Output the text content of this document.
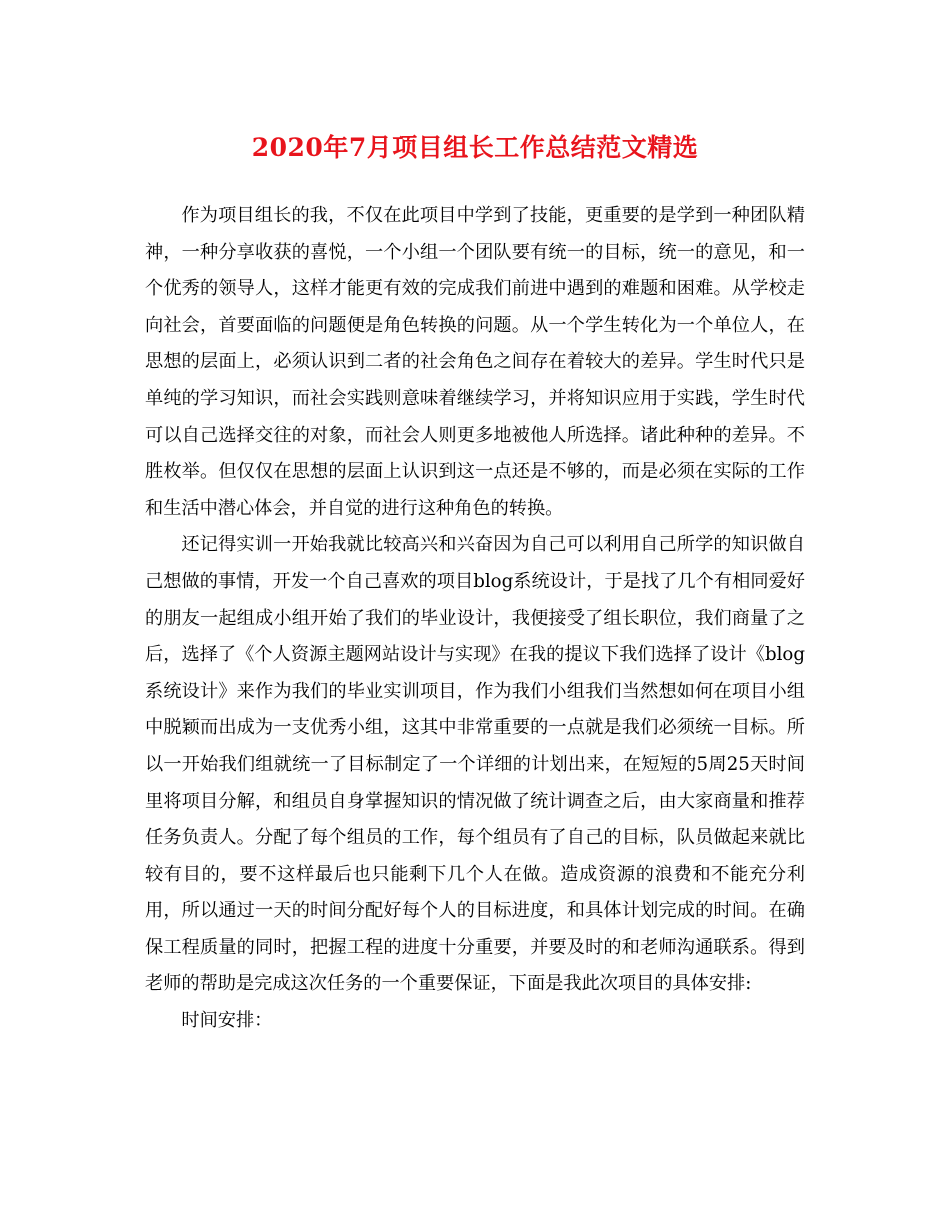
2020年7月项目组长工作总结范文精选

作为项目组长的我，不仅在此项目中学到了技能，更重要的是学到一种团队精神，一种分享收获的喜悦，一个小组一个团队要有统一的目标，统一的意见，和一个优秀的领导人，这样才能更有效的完成我们前进中遇到的难题和困难。从学校走向社会，首要面临的问题便是角色转换的问题。从一个学生转化为一个单位人，在思想的层面上，必须认识到二者的社会角色之间存在着较大的差异。学生时代只是单纯的学习知识，而社会实践则意味着继续学习，并将知识应用于实践，学生时代可以自己选择交往的对象，而社会人则更多地被他人所选择。诸此种种的差异。不胜枚举。但仅仅在思想的层面上认识到这一点还是不够的，而是必须在实际的工作和生活中潜心体会，并自觉的进行这种角色的转换。

还记得实训一开始我就比较高兴和兴奋因为自己可以利用自己所学的知识做自己想做的事情，开发一个自己喜欢的项目blog系统设计，于是找了几个有相同爱好的朋友一起组成小组开始了我们的毕业设计，我便接受了组长职位，我们商量了之后，选择了《个人资源主题网站设计与实现》在我的提议下我们选择了设计《blog系统设计》来作为我们的毕业实训项目，作为我们小组我们当然想如何在项目小组中脱颖而出成为一支优秀小组，这其中非常重要的一点就是我们必须统一目标。所以一开始我们组就统一了目标制定了一个详细的计划出来，在短短的5周25天时间里将项目分解，和组员自身掌握知识的情况做了统计调查之后，由大家商量和推荐任务负责人。分配了每个组员的工作，每个组员有了自己的目标，队员做起来就比较有目的，要不这样最后也只能剩下几个人在做。造成资源的浪费和不能充分利用，所以通过一天的时间分配好每个人的目标进度，和具体计划完成的时间。在确保工程质量的同时，把握工程的进度十分重要，并要及时的和老师沟通联系。得到老师的帮助是完成这次任务的一个重要保证，下面是我此次项目的具体安排:

时间安排：
